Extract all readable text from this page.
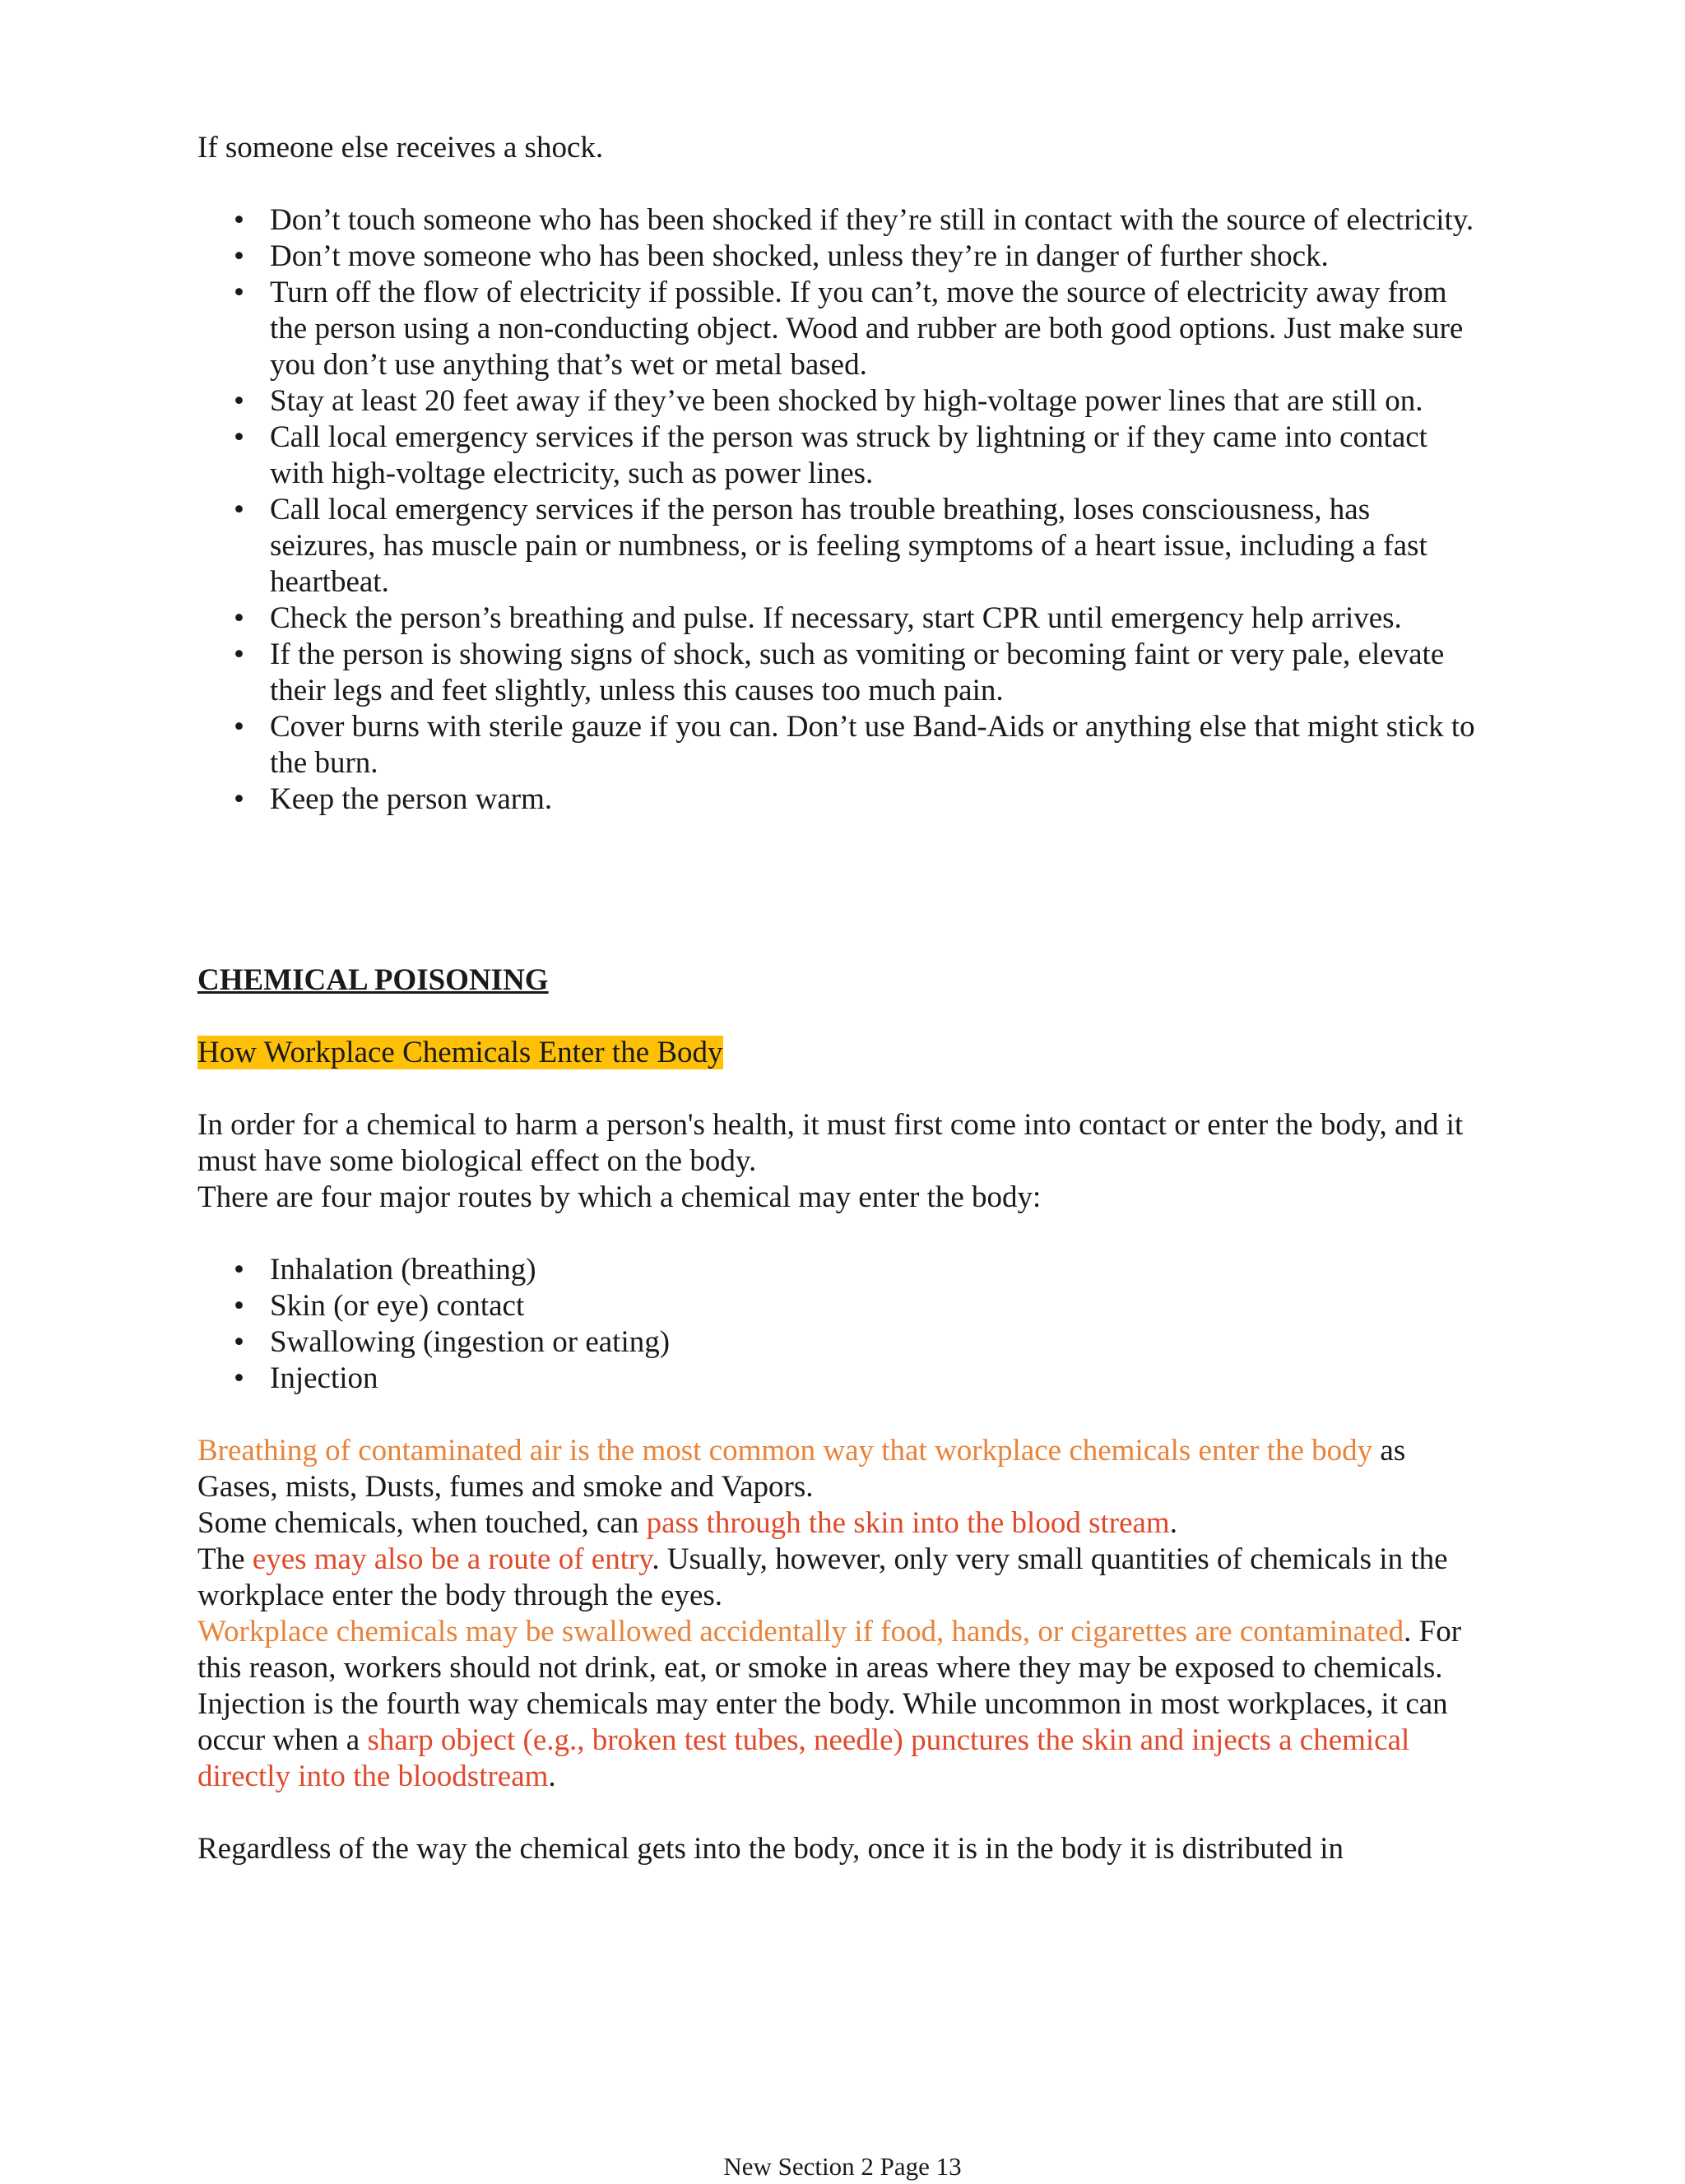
If someone else receives a shock.

• Don’t touch someone who has been shocked if they’re still in contact with the source of electricity.
• Don’t move someone who has been shocked, unless they’re in danger of further shock.
• Turn off the flow of electricity if possible. If you can’t, move the source of electricity away from the person using a non-conducting object. Wood and rubber are both good options. Just make sure you don’t use anything that’s wet or metal based.
• Stay at least 20 feet away if they’ve been shocked by high-voltage power lines that are still on.
• Call local emergency services if the person was struck by lightning or if they came into contact with high-voltage electricity, such as power lines.
• Call local emergency services if the person has trouble breathing, loses consciousness, has seizures, has muscle pain or numbness, or is feeling symptoms of a heart issue, including a fast heartbeat.
• Check the person’s breathing and pulse. If necessary, start CPR until emergency help arrives.
• If the person is showing signs of shock, such as vomiting or becoming faint or very pale, elevate their legs and feet slightly, unless this causes too much pain.
• Cover burns with sterile gauze if you can. Don’t use Band-Aids or anything else that might stick to the burn.
• Keep the person warm.

CHEMICAL POISONING

How Workplace Chemicals Enter the Body

In order for a chemical to harm a person's health, it must first come into contact or enter the body, and it must have some biological effect on the body.

There are four major routes by which a chemical may enter the body:

• Inhalation (breathing)
• Skin (or eye) contact
• Swallowing (ingestion or eating)
• Injection

Breathing of contaminated air is the most common way that workplace chemicals enter the body as Gases, mists, Dusts, fumes and smoke and Vapors.

Some chemicals, when touched, can pass through the skin into the blood stream.

The eyes may also be a route of entry. Usually, however, only very small quantities of chemicals in the workplace enter the body through the eyes.

Workplace chemicals may be swallowed accidentally if food, hands, or cigarettes are contaminated. For this reason, workers should not drink, eat, or smoke in areas where they may be exposed to chemicals.

Injection is the fourth way chemicals may enter the body. While uncommon in most workplaces, it can occur when a sharp object (e.g., broken test tubes, needle) punctures the skin and injects a chemical directly into the bloodstream.

Regardless of the way the chemical gets into the body, once it is in the body it is distributed in

New Section 2 Page 13
